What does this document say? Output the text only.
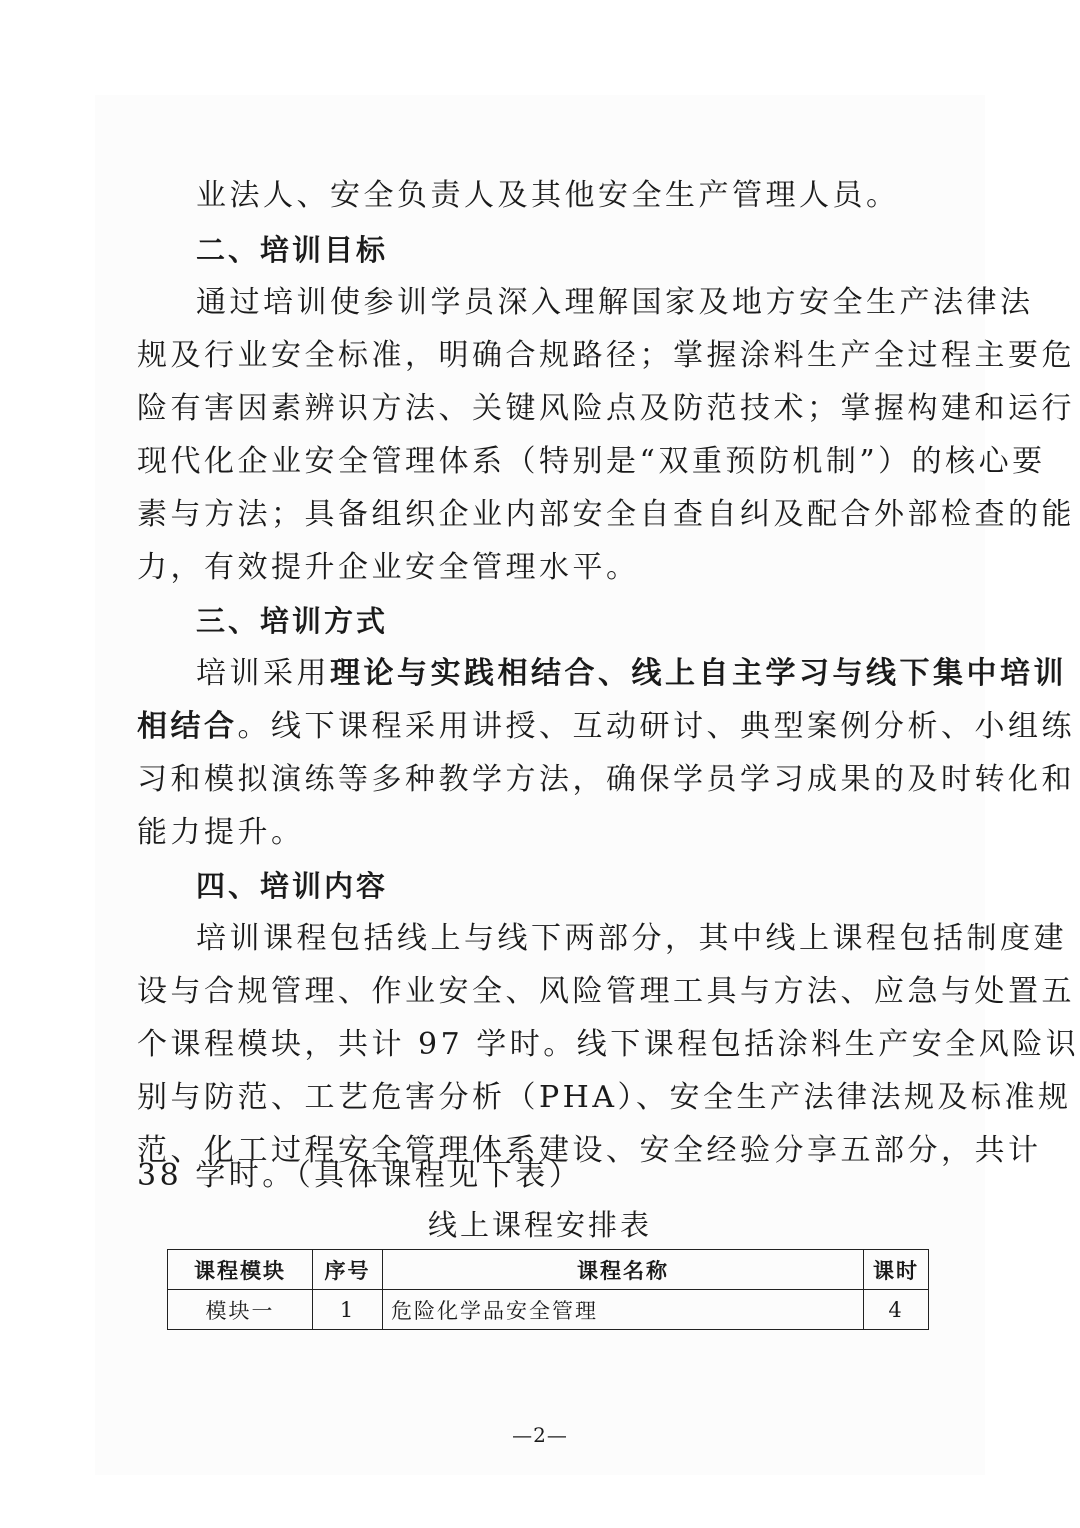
业法人、安全负责人及其他安全生产管理人员。
二、培训目标
通过培训使参训学员深入理解国家及地方安全生产法律法
规及行业安全标准，明确合规路径；掌握涂料生产全过程主要危
险有害因素辨识方法、关键风险点及防范技术；掌握构建和运行
现代化企业安全管理体系（特别是“双重预防机制”）的核心要
素与方法；具备组织企业内部安全自查自纠及配合外部检查的能
力，有效提升企业安全管理水平。
三、培训方式
培训采用理论与实践相结合、线上自主学习与线下集中培训
相结合。线下课程采用讲授、互动研讨、典型案例分析、小组练
习和模拟演练等多种教学方法，确保学员学习成果的及时转化和
能力提升。
四、培训内容
培训课程包括线上与线下两部分，其中线上课程包括制度建
设与合规管理、作业安全、风险管理工具与方法、应急与处置五
个课程模块，共计 97 学时。线下课程包括涂料生产安全风险识
别与防范、工艺危害分析（PHA）、安全生产法律法规及标准规
范、化工过程安全管理体系建设、安全经验分享五部分，共计
38 学时。（具体课程见下表）
线上课程安排表
课程模块	序号	课程名称	课时
模块一	1	危险化学品安全管理	4
—2—
